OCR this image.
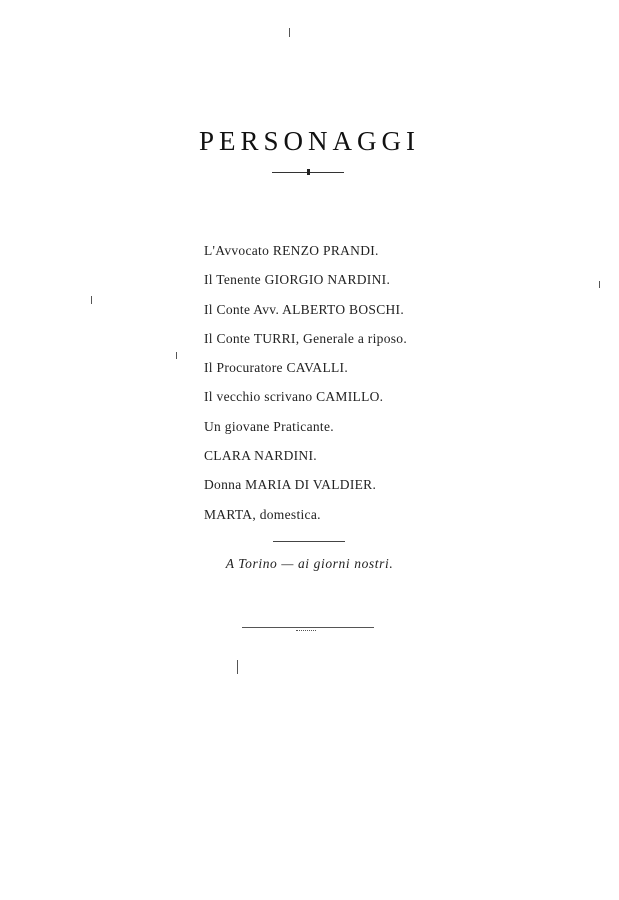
PERSONAGGI
L'Avvocato RENZO PRANDI.
Il Tenente GIORGIO NARDINI.
Il Conte Avv. ALBERTO BOSCHI.
Il Conte TURRI, Generale a riposo.
Il Procuratore CAVALLI.
Il vecchio scrivano CAMILLO.
Un giovane Praticante.
CLARA NARDINI.
Donna MARIA DI VALDIER.
MARTA, domestica.
A Torino — ai giorni nostri.
